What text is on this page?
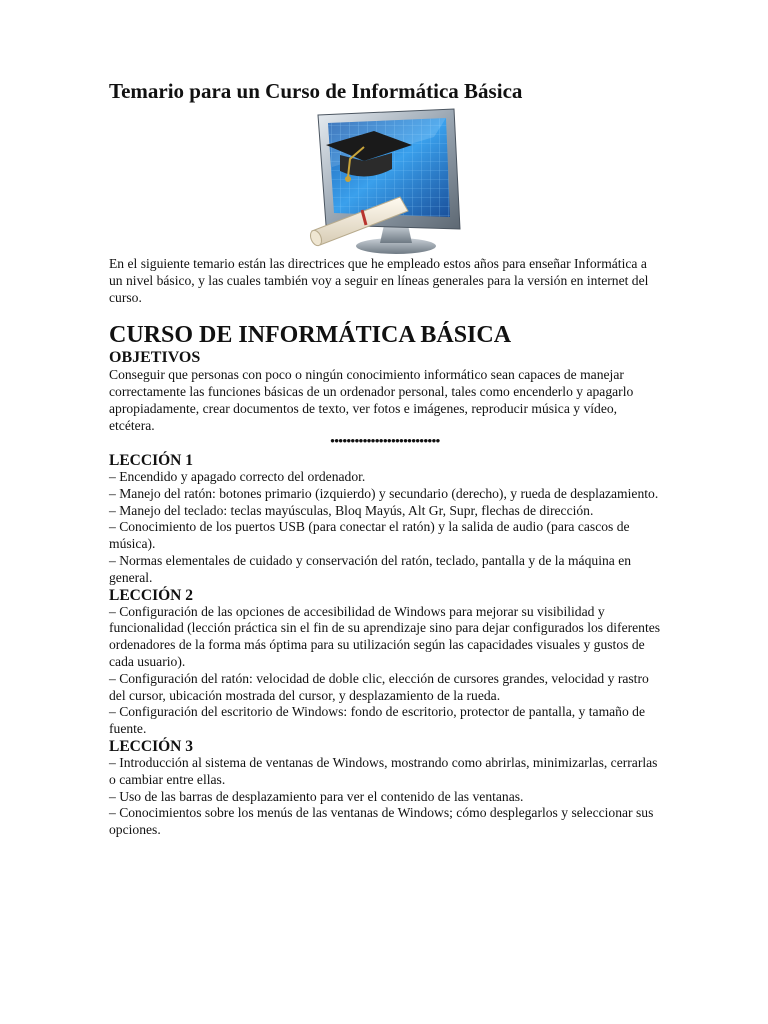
Temario para un Curso de Informática Básica

En el siguiente temario están las directrices que he empleado estos años para enseñar Informática a un nivel básico, y las cuales también voy a seguir en líneas generales para la versión en internet del curso.

CURSO DE INFORMÁTICA BÁSICA
OBJETIVOS

Conseguir que personas con poco o ningún conocimiento informático sean capaces de manejar correctamente las funciones básicas de un ordenador personal, tales como encenderlo y apagarlo apropiadamente, crear documentos de texto, ver fotos e imágenes, reproducir música y vídeo, etcétera.

•••••••••••••••••••••••••••
LECCIÓN 1

– Encendido y apagado correcto del ordenador.

– Manejo del ratón: botones primario (izquierdo) y secundario (derecho), y rueda de desplazamiento.

– Manejo del teclado: teclas mayúsculas, Bloq Mayús, Alt Gr, Supr, flechas de dirección.

– Conocimiento de los puertos USB (para conectar el ratón) y la salida de audio (para cascos de música).

– Normas elementales de cuidado y conservación del ratón, teclado, pantalla y de la máquina en general.

LECCIÓN 2

– Configuración de las opciones de accesibilidad de Windows para mejorar su visibilidad y funcionalidad (lección práctica sin el fin de su aprendizaje sino para dejar configurados los diferentes ordenadores de la forma más óptima para su utilización según las capacidades visuales y gustos de cada usuario).

– Configuración del ratón: velocidad de doble clic, elección de cursores grandes, velocidad y rastro del cursor, ubicación mostrada del cursor, y desplazamiento de la rueda.

– Configuración del escritorio de Windows: fondo de escritorio, protector de pantalla, y tamaño de fuente.

LECCIÓN 3

– Introducción al sistema de ventanas de Windows, mostrando como abrirlas, minimizarlas, cerrarlas o cambiar entre ellas.

– Uso de las barras de desplazamiento para ver el contenido de las ventanas.

– Conocimientos sobre los menús de las ventanas de Windows; cómo desplegarlos y seleccionar sus opciones.
